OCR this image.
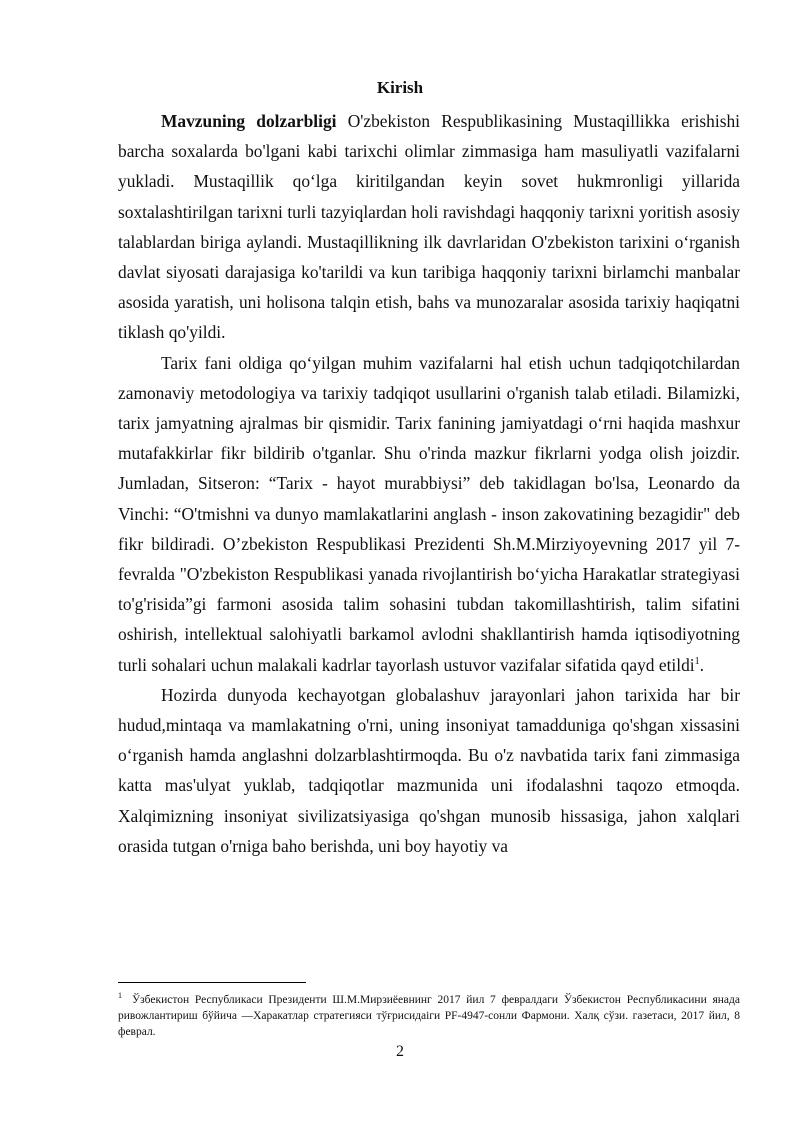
Kirish

Mavzuning dolzarbligi O'zbekiston Respublikasining Mustaqillikka erishishi barcha soxalarda bo'lgani kabi tarixchi olimlar zimmasiga ham masuliyatli vazifalarni yukladi. Mustaqillik qo‘lga kiritilgandan keyin sovet hukmronligi yillarida soxtalashtirilgan tarixni turli tazyiqlardan holi ravishdagi haqqoniy tarixni yoritish asosiy talablardan biriga aylandi. Mustaqillikning ilk davrlaridan O'zbekiston tarixini o‘rganish davlat siyosati darajasiga ko'tarildi va kun taribiga haqqoniy tarixni birlamchi manbalar asosida yaratish, uni holisona talqin etish, bahs va munozaralar asosida tarixiy haqiqatni tiklash qo'yildi.

Tarix fani oldiga qo‘yilgan muhim vazifalarni hal etish uchun tadqiqotchilardan zamonaviy metodologiya va tarixiy tadqiqot usullarini o'rganish talab etiladi. Bilamizki, tarix jamyatning ajralmas bir qismidir. Tarix fanining jamiyatdagi o‘rni haqida mashxur mutafakkirlar fikr bildirib o'tganlar. Shu o'rinda mazkur fikrlarni yodga olish joizdir. Jumladan, Sitseron: “Tarix - hayot murabbiysi” deb takidlagan bo'lsa, Leonardo da Vinchi: “O'tmishni va dunyo mamlakatlarini anglash - inson zakovatining bezagidir" deb fikr bildiradi. O’zbekiston Respublikasi Prezidenti Sh.M.Mirziyoyevning 2017 yil 7-fevralda "O'zbekiston Respublikasi yanada rivojlantirish bo‘yicha Harakatlar strategiyasi to'g'risida”gi farmoni asosida talim sohasini tubdan takomillashtirish, talim sifatini oshirish, intellektual salohiyatli barkamol avlodni shakllantirish hamda iqtisodiyotning turli sohalari uchun malakali kadrlar tayorlash ustuvor vazifalar sifatida qayd etildi$^1$.

Hozirda dunyoda kechayotgan globalashuv jarayonlari jahon tarixida har bir hudud,mintaqa va mamlakatning o'rni, uning insoniyat tamadduniga qo'shgan xissasini o‘rganish hamda anglashni dolzarblashtirmoqda. Bu o'z navbatida tarix fani zimmasiga katta mas'ulyat yuklab, tadqiqotlar mazmunida uni ifodalashni taqozo etmoqda. Xalqimizning insoniyat sivilizatsiyasiga qo'shgan munosib hissasiga, jahon xalqlari orasida tutgan o'rniga baho berishda, uni boy hayotiy va

$^1$ Ўзбекистон Республикаси Президенти Ш.М.Мирзиёевнинг 2017 йил 7 февралдаги Ўзбекистон Республикасини янада ривожлантириш бўйича ―Харакатлар стратегияси тўғрисидаіги PF-4947-сонли Фармони. Халқ сўзи. газетаси, 2017 йил, 8 феврал.
2
